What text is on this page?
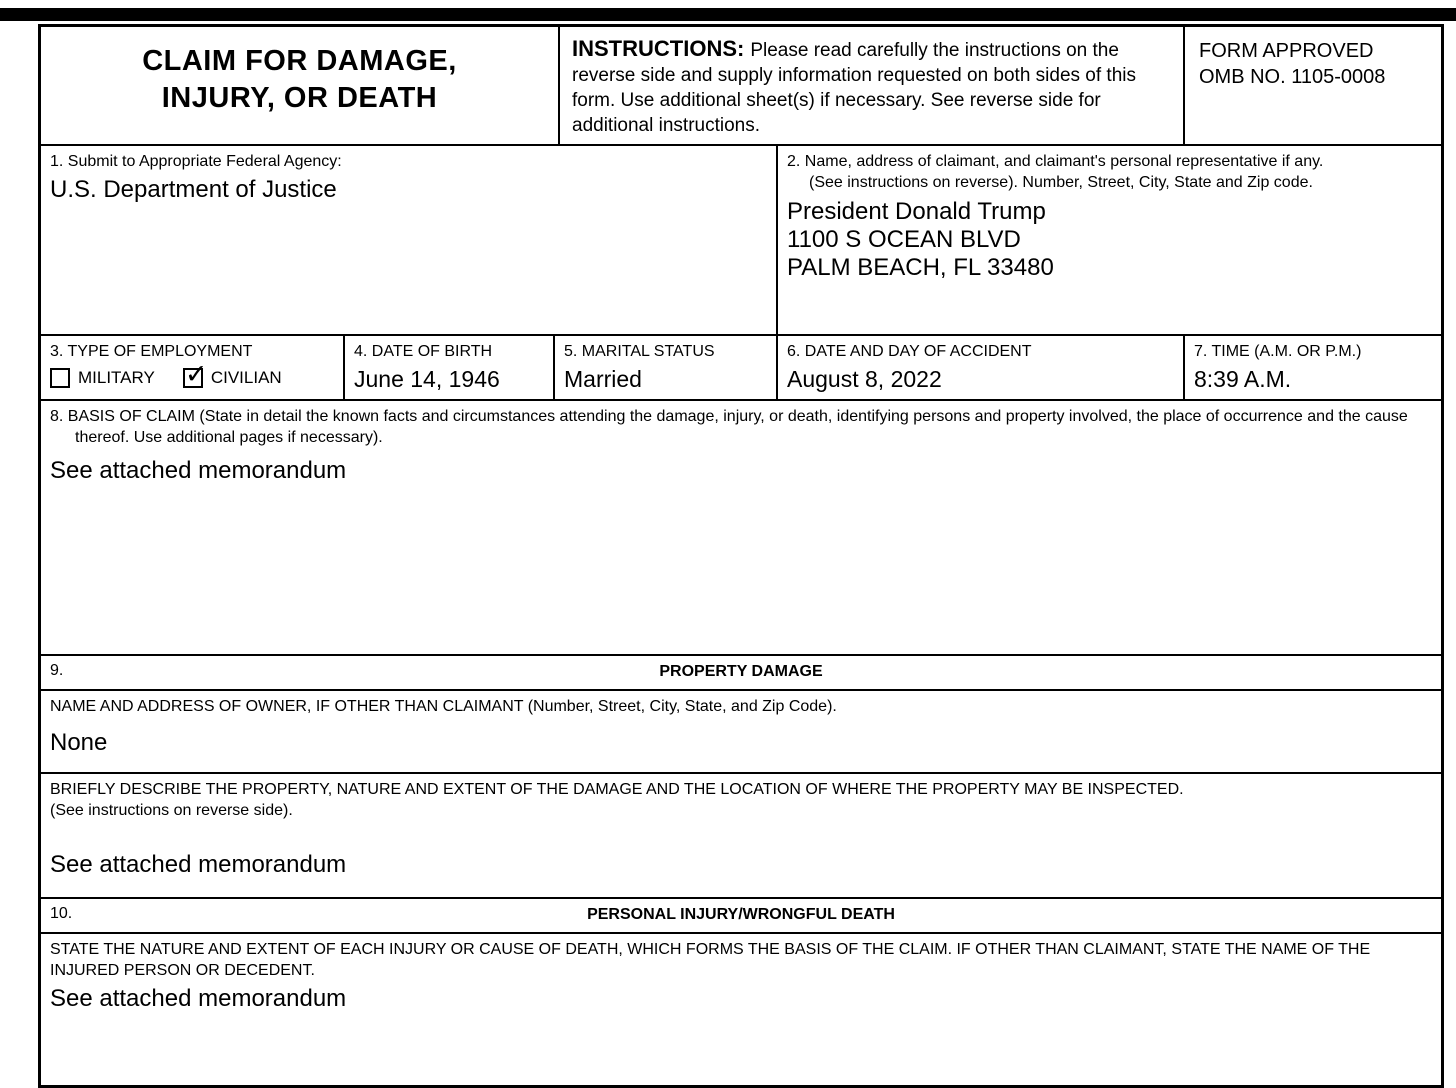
CLAIM FOR DAMAGE,
INJURY, OR DEATH
INSTRUCTIONS: Please read carefully the instructions on the reverse side and supply information requested on both sides of this form. Use additional sheet(s) if necessary. See reverse side for additional instructions.
FORM APPROVED
OMB NO. 1105-0008
1. Submit to Appropriate Federal Agency:
U.S. Department of Justice
2. Name, address of claimant, and claimant's personal representative if any.
(See instructions on reverse). Number, Street, City, State and Zip code.
President Donald Trump
1100 S OCEAN BLVD
PALM BEACH, FL 33480
3. TYPE OF EMPLOYMENT
MILITARY ✓ CIVILIAN
4. DATE OF BIRTH
June 14, 1946
5. MARITAL STATUS
Married
6. DATE AND DAY OF ACCIDENT
August 8, 2022
7. TIME (A.M. OR P.M.)
8:39 A.M.
8. BASIS OF CLAIM (State in detail the known facts and circumstances attending the damage, injury, or death, identifying persons and property involved, the place of occurrence and the cause thereof. Use additional pages if necessary).
See attached memorandum
9.	PROPERTY DAMAGE
NAME AND ADDRESS OF OWNER, IF OTHER THAN CLAIMANT (Number, Street, City, State, and Zip Code).
None
BRIEFLY DESCRIBE THE PROPERTY, NATURE AND EXTENT OF THE DAMAGE AND THE LOCATION OF WHERE THE PROPERTY MAY BE INSPECTED.
(See instructions on reverse side).
See attached memorandum
10.	PERSONAL INJURY/WRONGFUL DEATH
STATE THE NATURE AND EXTENT OF EACH INJURY OR CAUSE OF DEATH, WHICH FORMS THE BASIS OF THE CLAIM. IF OTHER THAN CLAIMANT, STATE THE NAME OF THE INJURED PERSON OR DECEDENT.
See attached memorandum
